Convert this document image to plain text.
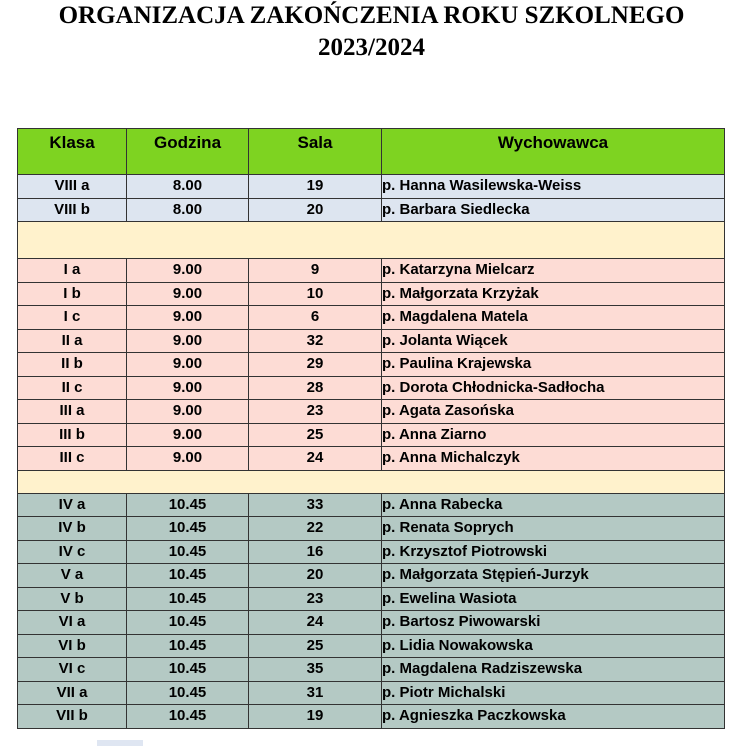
ORGANIZACJA ZAKOŃCZENIA ROKU SZKOLNEGO
2023/2024
Klasa	Godzina	Sala	Wychowawca
VIII a	8.00	19	p. Hanna Wasilewska-Weiss
VIII b	8.00	20	p. Barbara Siedlecka

I a	9.00	9	p. Katarzyna Mielcarz
I b	9.00	10	p. Małgorzata Krzyżak
I c	9.00	6	p. Magdalena Matela
II a	9.00	32	p. Jolanta Wiącek
II b	9.00	29	p. Paulina Krajewska
II c	9.00	28	p. Dorota Chłodnicka-Sadłocha
III a	9.00	23	p. Agata Zasońska
III b	9.00	25	p. Anna Ziarno
III c	9.00	24	p. Anna Michalczyk

IV a	10.45	33	p. Anna Rabecka
IV b	10.45	22	p. Renata Soprych
IV c	10.45	16	p. Krzysztof Piotrowski
V a	10.45	20	p. Małgorzata Stępień-Jurzyk
V b	10.45	23	p. Ewelina Wasiota
VI a	10.45	24	p. Bartosz Piwowarski
VI b	10.45	25	p. Lidia Nowakowska
VI c	10.45	35	p. Magdalena Radziszewska
VII a	10.45	31	p. Piotr Michalski
VII b	10.45	19	p. Agnieszka Paczkowska
